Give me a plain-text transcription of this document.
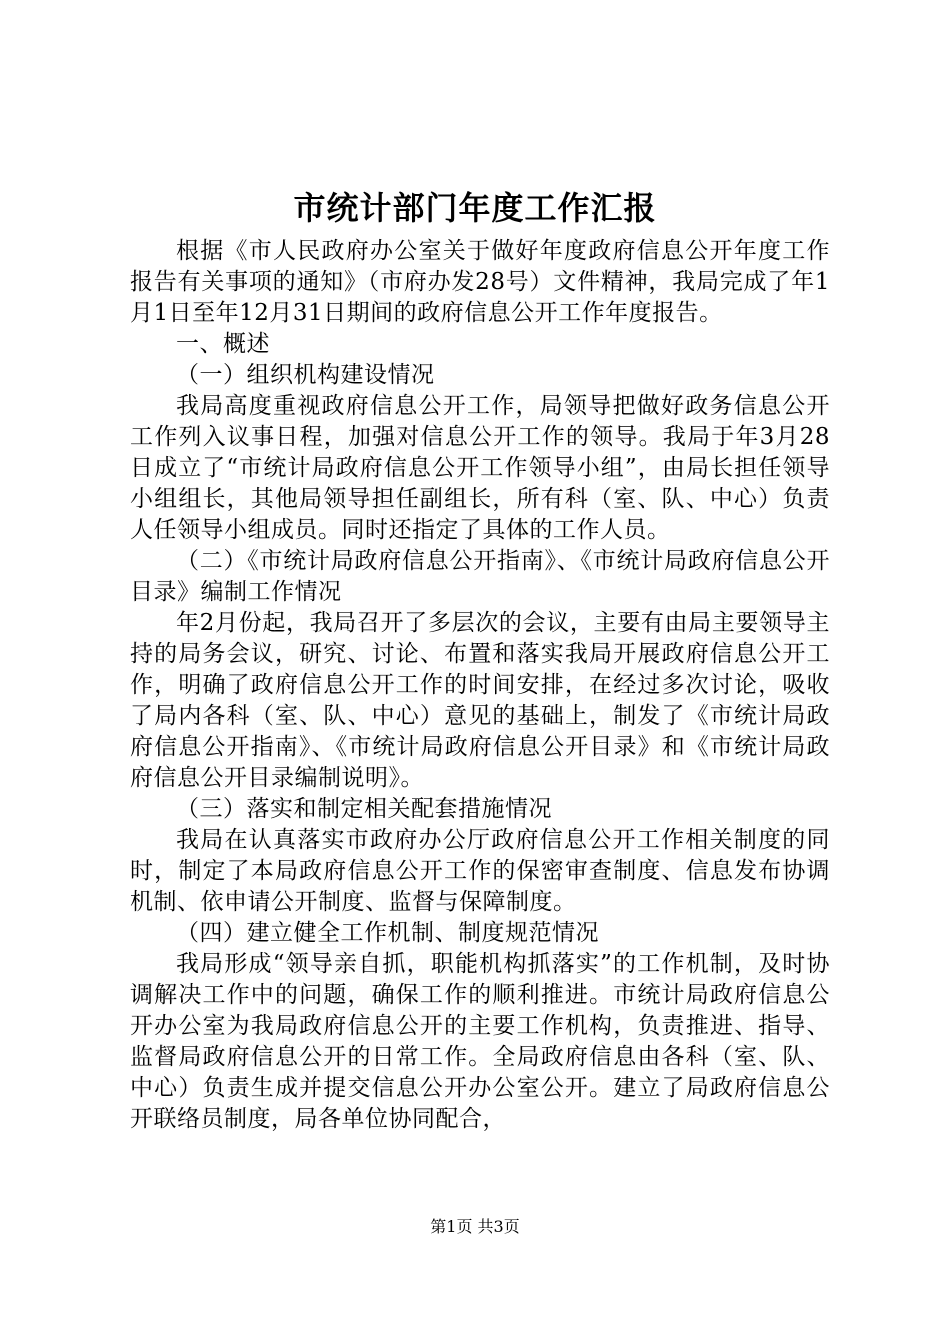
市统计部门年度工作汇报

根据《市人民政府办公室关于做好年度政府信息公开年度工作报告有关事项的通知》（市府办发28号）文件精神，我局完成了年1月1日至年12月31日期间的政府信息公开工作年度报告。

一、概述

（一）组织机构建设情况

我局高度重视政府信息公开工作，局领导把做好政务信息公开工作列入议事日程，加强对信息公开工作的领导。我局于年3月28日成立了“市统计局政府信息公开工作领导小组”，由局长担任领导小组组长，其他局领导担任副组长，所有科（室、队、中心）负责人任领导小组成员。同时还指定了具体的工作人员。

（二）《市统计局政府信息公开指南》、《市统计局政府信息公开目录》编制工作情况

年2月份起，我局召开了多层次的会议，主要有由局主要领导主持的局务会议，研究、讨论、布置和落实我局开展政府信息公开工作，明确了政府信息公开工作的时间安排，在经过多次讨论，吸收了局内各科（室、队、中心）意见的基础上，制发了《市统计局政府信息公开指南》、《市统计局政府信息公开目录》和《市统计局政府信息公开目录编制说明》。

（三）落实和制定相关配套措施情况

我局在认真落实市政府办公厅政府信息公开工作相关制度的同时，制定了本局政府信息公开工作的保密审查制度、信息发布协调机制、依申请公开制度、监督与保障制度。

（四）建立健全工作机制、制度规范情况

我局形成“领导亲自抓，职能机构抓落实”的工作机制，及时协调解决工作中的问题，确保工作的顺利推进。市统计局政府信息公开办公室为我局政府信息公开的主要工作机构，负责推进、指导、监督局政府信息公开的日常工作。全局政府信息由各科（室、队、中心）负责生成并提交信息公开办公室公开。建立了局政府信息公开联络员制度，局各单位协同配合，

第1页 共3页
